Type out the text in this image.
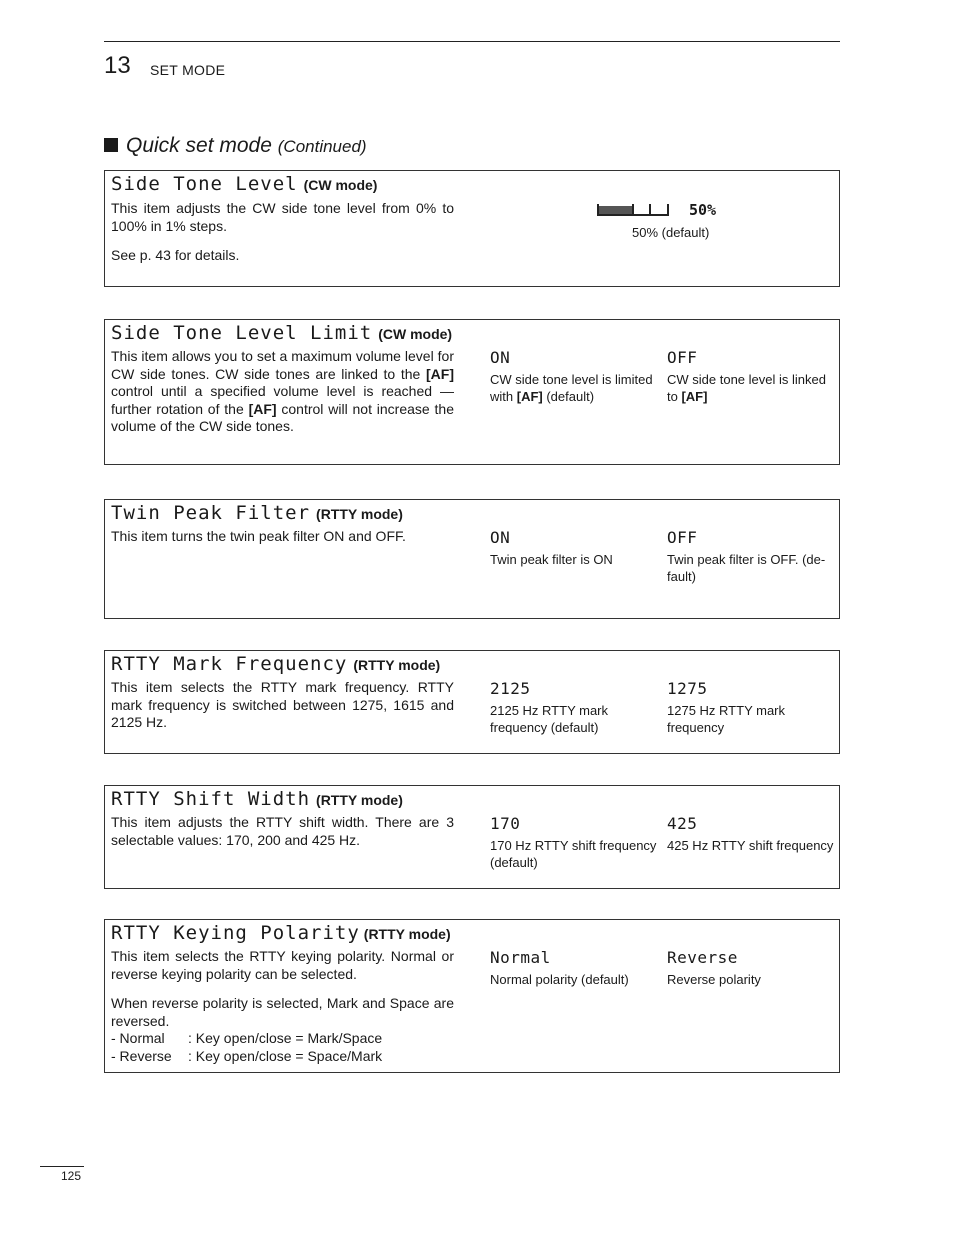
13 SET MODE
Quick set mode (Continued)
Side Tone Level (CW mode)

This item adjusts the CW side tone level from 0% to 100% in 1% steps.

See p. 43 for details.

50%
50% (default)
Side Tone Level Limit (CW mode)

This item allows you to set a maximum volume level for CW side tones. CW side tones are linked to the [AF] control until a specified volume level is reached —further rotation of the [AF] control will not increase the volume of the CW side tones.

ON
CW side tone level is limited with [AF] (default)
OFF
CW side tone level is linked to [AF]
Twin Peak Filter (RTTY mode)

This item turns the twin peak filter ON and OFF.	ON
Twin peak filter is ON
OFF
Twin peak filter is OFF. (de-fault)
RTTY Mark Frequency (RTTY mode)

This item selects the RTTY mark frequency. RTTY mark frequency is switched between 1275, 1615 and 2125 Hz.

2125
2125 Hz RTTY mark frequency (default)
1275
1275 Hz RTTY mark frequency
RTTY Shift Width (RTTY mode)

This item adjusts the RTTY shift width. There are 3 selectable values: 170, 200 and 425 Hz.

170
170 Hz RTTY shift frequency (default)
425
425 Hz RTTY shift frequency
RTTY Keying Polarity (RTTY mode)

This item selects the RTTY keying polarity. Normal or reverse keying polarity can be selected.

When reverse polarity is selected, Mark and Space are reversed.

- Normal : Key open/close = Mark/Space
- Reverse : Key open/close = Space/Mark
Normal
Normal polarity (default)
Reverse
Reverse polarity
125
